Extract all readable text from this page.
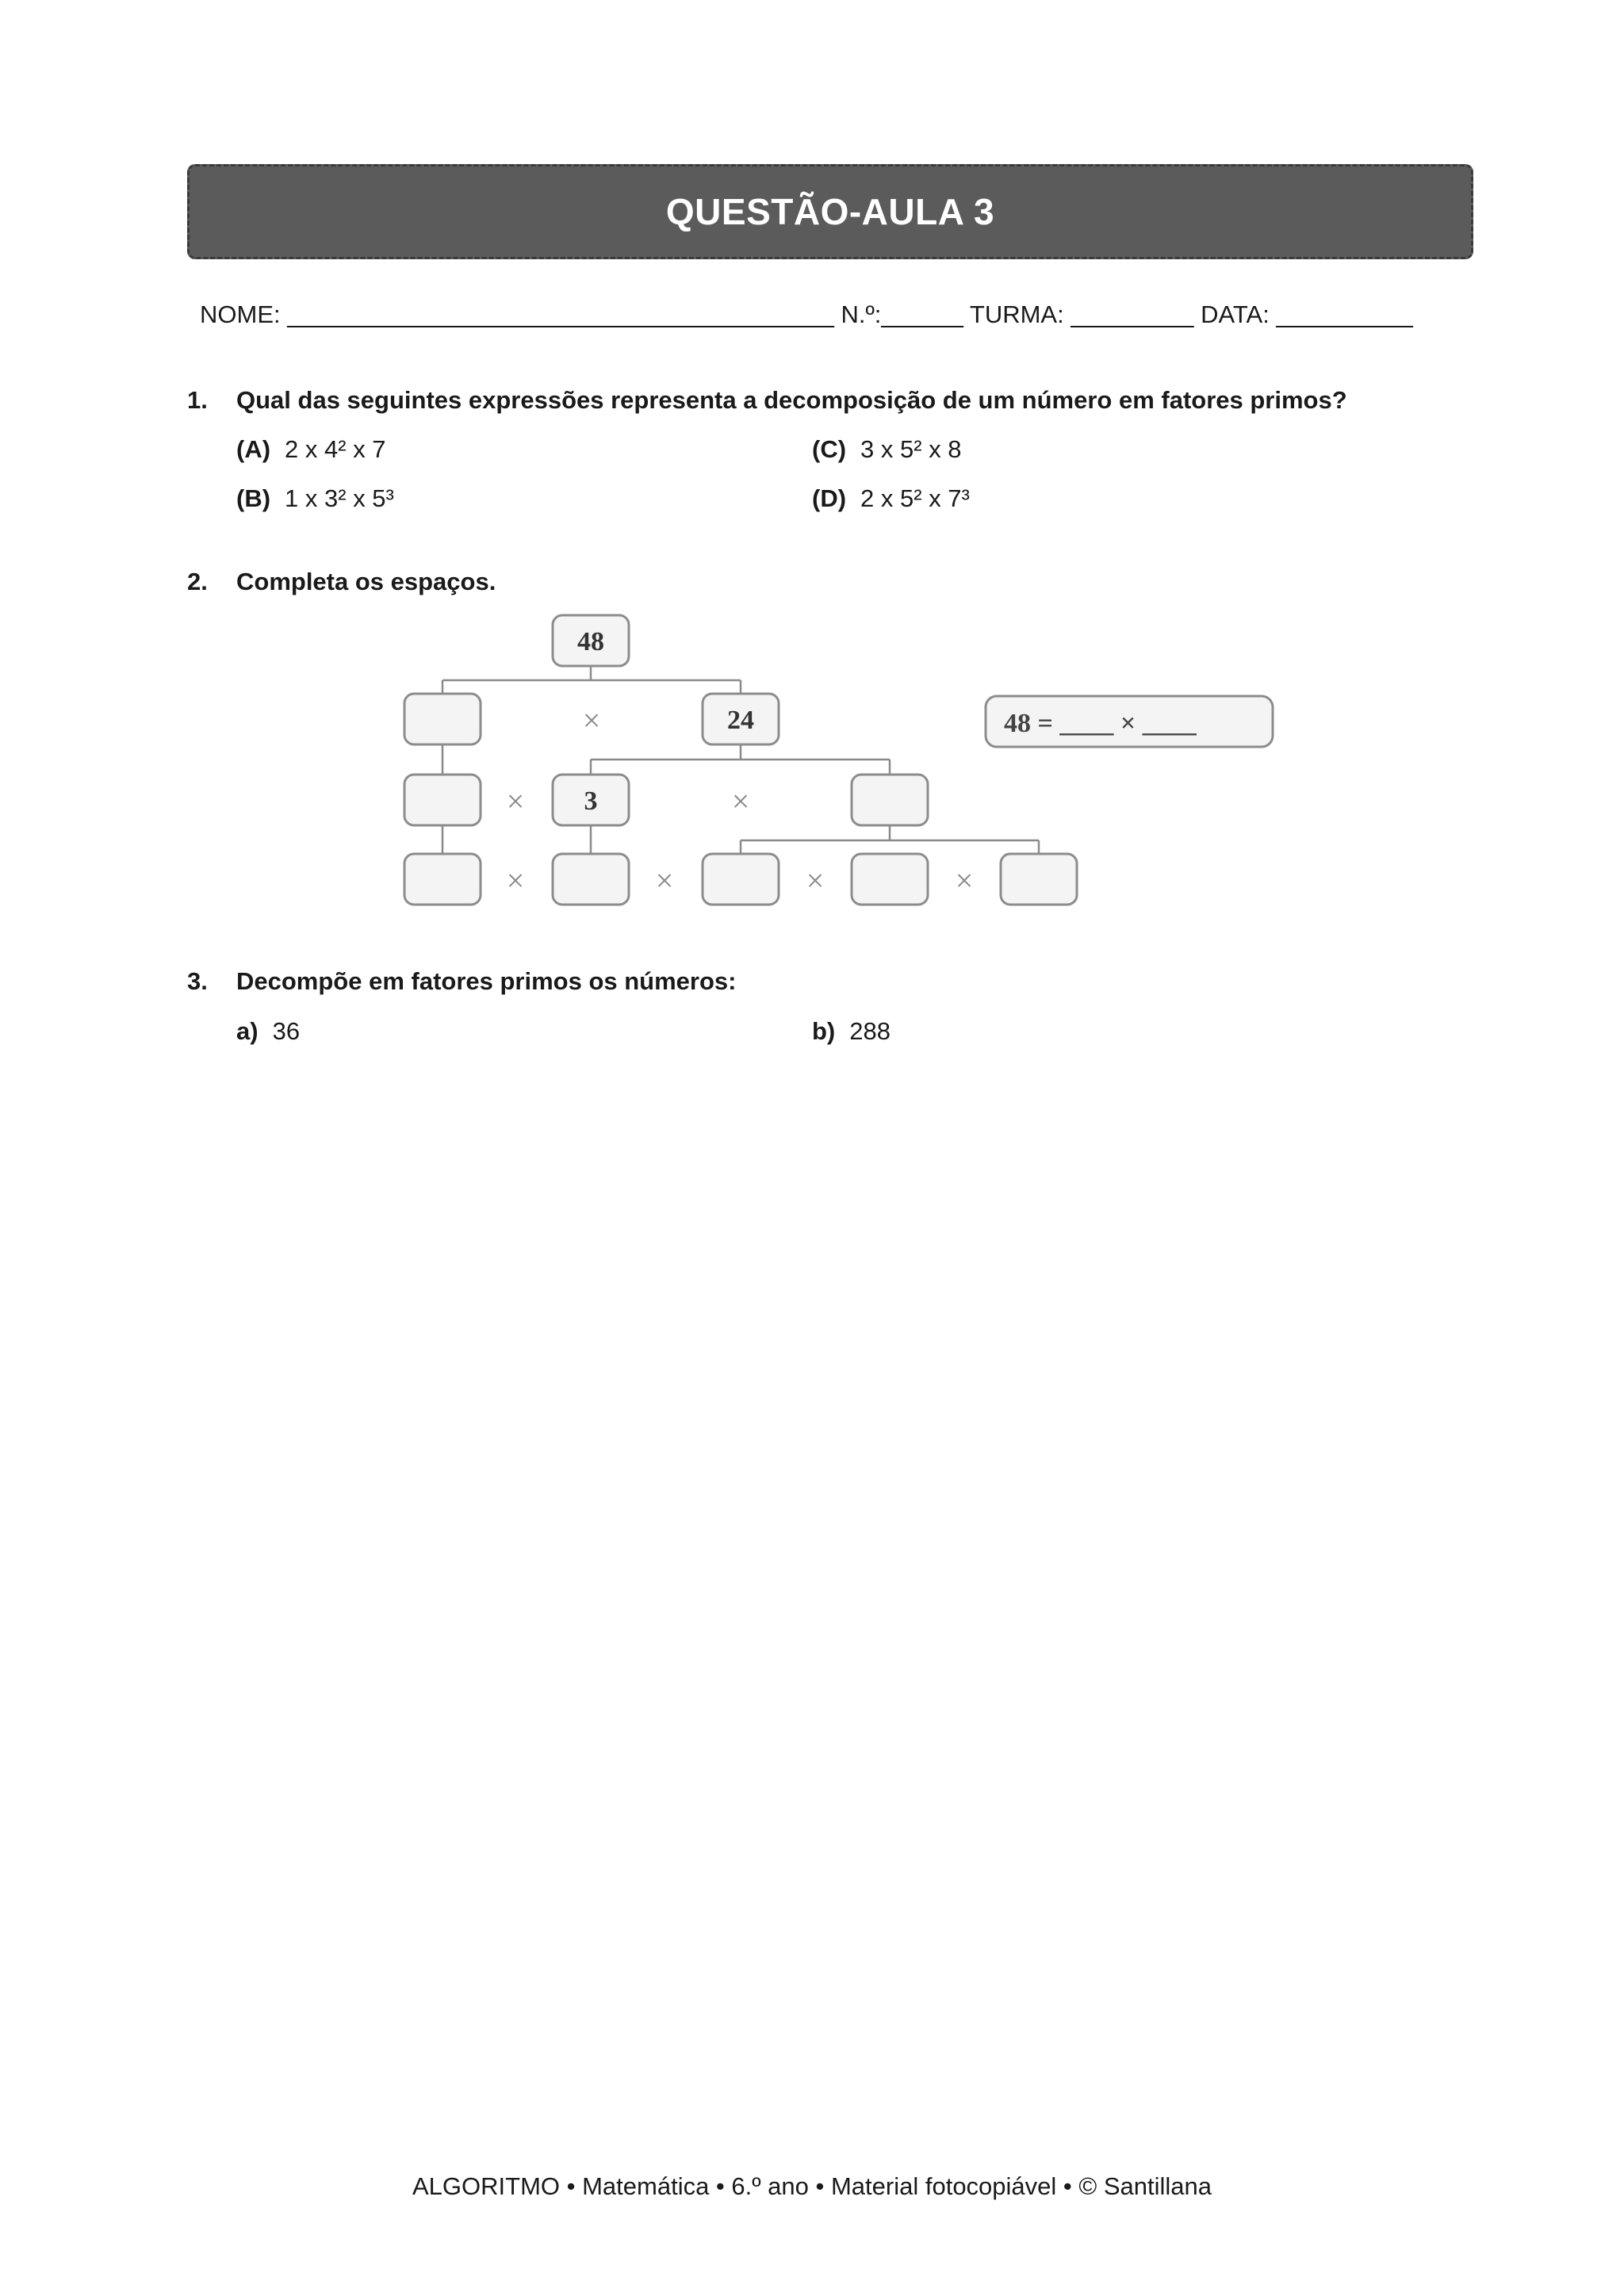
QUESTÃO-AULA 3
NOME: ________________________________________ N.º:______ TURMA: _________ DATA: __________
1. Qual das seguintes expressões representa a decomposição de um número em fatores primos?
(A) 2 x 4² x 7	(C) 3 x 5² x 8
(B) 1 x 3² x 5³	(D) 2 x 5² x 7³
2. Completa os espaços.
48
24
3
×
×	×
×	×	×	×
48 = ____ × ____
3. Decompõe em fatores primos os números:
a) 36	b) 288
ALGORITMO • Matemática • 6.º ano • Material fotocopiável • © Santillana
